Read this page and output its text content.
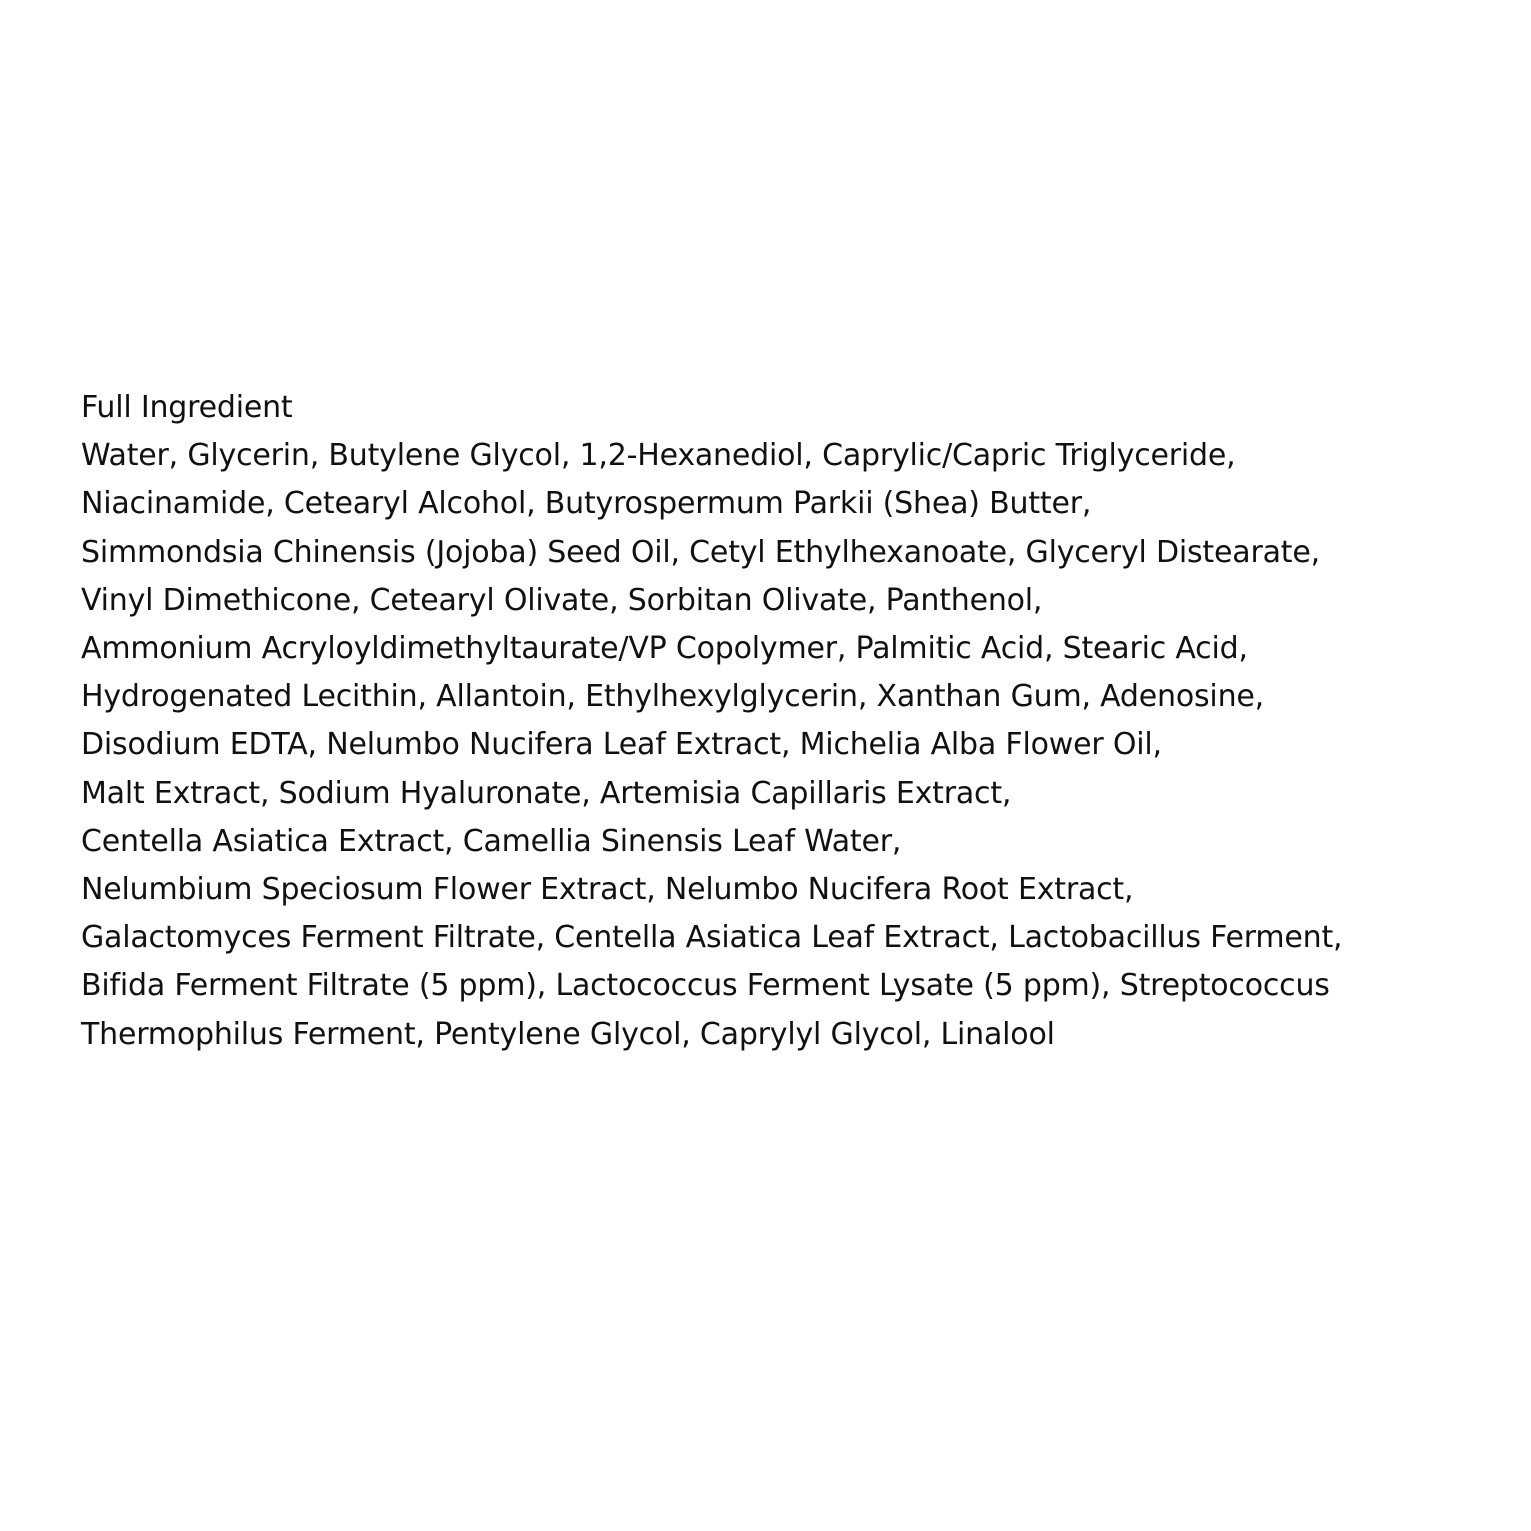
Full Ingredient
Water, Glycerin, Butylene Glycol, 1,2-Hexanediol, Caprylic/Capric Triglyceride,
Niacinamide, Cetearyl Alcohol, Butyrospermum Parkii (Shea) Butter,
Simmondsia Chinensis (Jojoba) Seed Oil, Cetyl Ethylhexanoate, Glyceryl Distearate,
Vinyl Dimethicone, Cetearyl Olivate, Sorbitan Olivate, Panthenol,
Ammonium Acryloyldimethyltaurate/VP Copolymer, Palmitic Acid, Stearic Acid,
Hydrogenated Lecithin, Allantoin, Ethylhexylglycerin, Xanthan Gum, Adenosine,
Disodium EDTA, Nelumbo Nucifera Leaf Extract, Michelia Alba Flower Oil,
Malt Extract, Sodium Hyaluronate, Artemisia Capillaris Extract,
Centella Asiatica Extract, Camellia Sinensis Leaf Water,
Nelumbium Speciosum Flower Extract, Nelumbo Nucifera Root Extract,
Galactomyces Ferment Filtrate, Centella Asiatica Leaf Extract, Lactobacillus Ferment,
Bifida Ferment Filtrate (5 ppm), Lactococcus Ferment Lysate (5 ppm), Streptococcus
Thermophilus Ferment, Pentylene Glycol, Caprylyl Glycol, Linalool
